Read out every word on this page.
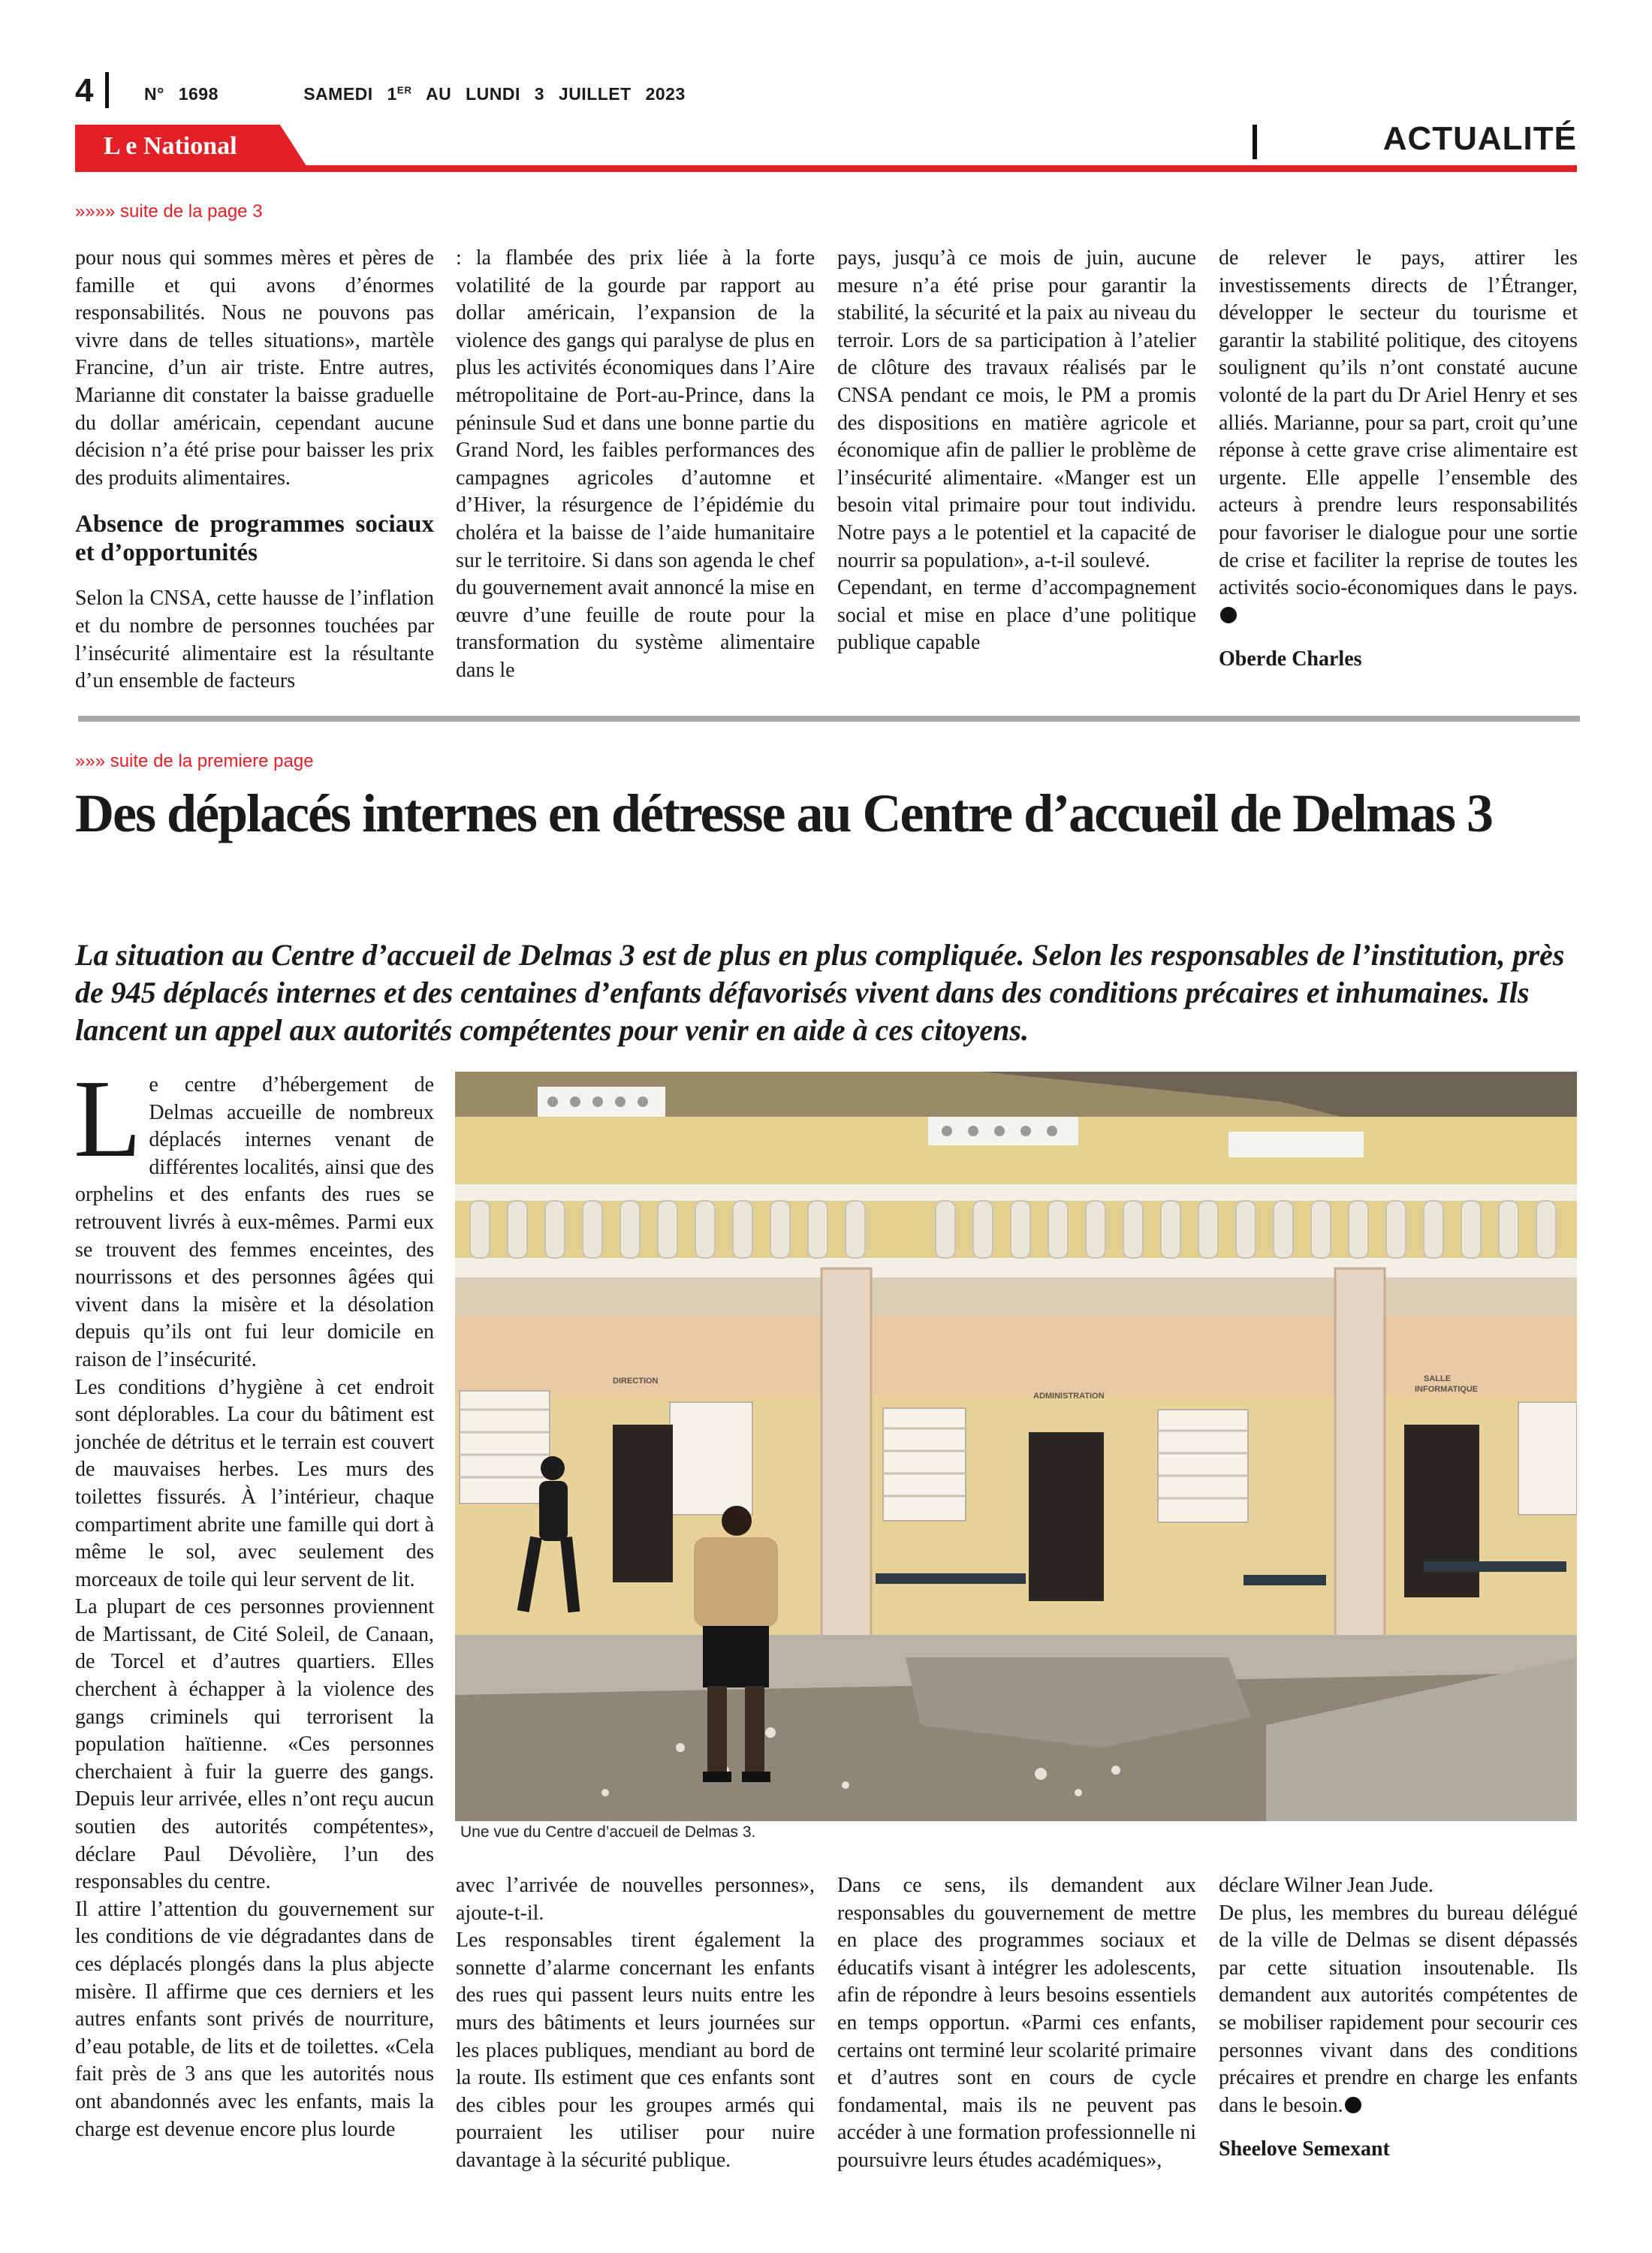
4	N° 1698	SAMEDI 1ER AU LUNDI 3 JUILLET 2023
L e National	ACTUALITÉ
»»»» suite de la page 3

pour nous qui sommes mères et pères de famille et qui avons d’énormes responsabilités. Nous ne pouvons pas vivre dans de telles situations», martèle Francine, d’un air triste. Entre autres, Marianne dit constater la baisse graduelle du dollar américain, cependant aucune décision n’a été prise pour baisser les prix des produits alimentaires.

Absence de programmes sociaux et d’opportunités

Selon la CNSA, cette hausse de l’inflation et du nombre de personnes touchées par l’insécurité alimentaire est la résultante d’un ensemble de facteurs

: la flambée des prix liée à la forte volatilité de la gourde par rapport au dollar américain, l’expansion de la violence des gangs qui paralyse de plus en plus les activités économiques dans l’Aire métropolitaine de Port-au-Prince, dans la péninsule Sud et dans une bonne partie du Grand Nord, les faibles performances des campagnes agricoles d’automne et d’Hiver, la résurgence de l’épidémie du choléra et la baisse de l’aide humanitaire sur le territoire. Si dans son agenda le chef du gouvernement avait annoncé la mise en œuvre d’une feuille de route pour la transformation du système alimentaire dans le

pays, jusqu’à ce mois de juin, aucune mesure n’a été prise pour garantir la stabilité, la sécurité et la paix au niveau du terroir. Lors de sa participation à l’atelier de clôture des travaux réalisés par le CNSA pendant ce mois, le PM a promis des dispositions en matière agricole et économique afin de pallier le problème de l’insécurité alimentaire. «Manger est un besoin vital primaire pour tout individu. Notre pays a le potentiel et la capacité de nourrir sa population», a-t-il soulevé.

Cependant, en terme d’accompagnement social et mise en place d’une politique publique capable

de relever le pays, attirer les investissements directs de l’Étranger, développer le secteur du tourisme et garantir la stabilité politique, des citoyens soulignent qu’ils n’ont constaté aucune volonté de la part du Dr Ariel Henry et ses alliés. Marianne, pour sa part, croit qu’une réponse à cette grave crise alimentaire est urgente. Elle appelle l’ensemble des acteurs à prendre leurs responsabilités pour favoriser le dialogue pour une sortie de crise et faciliter la reprise de toutes les activités socio-économiques dans le pays.

Oberde Charles

»»» suite de la premiere page
Des déplacés internes en détresse au Centre d’accueil de Delmas 3

La situation au Centre d’accueil de Delmas 3 est de plus en plus compliquée. Selon les responsables de l’institution, près de 945 déplacés internes et des centaines d’enfants défavorisés vivent dans des conditions précaires et inhumaines. Ils lancent un appel aux autorités compétentes pour venir en aide à ces citoyens.

Le centre d’hébergement de Delmas accueille de nombreux déplacés internes venant de différentes localités, ainsi que des orphelins et des enfants des rues se retrouvent livrés à eux-mêmes. Parmi eux se trouvent des femmes enceintes, des nourrissons et des personnes âgées qui vivent dans la misère et la désolation depuis qu’ils ont fui leur domicile en raison de l’insécurité.

Les conditions d’hygiène à cet endroit sont déplorables. La cour du bâtiment est jonchée de détritus et le terrain est couvert de mauvaises herbes. Les murs des toilettes fissurés. À l’intérieur, chaque compartiment abrite une famille qui dort à même le sol, avec seulement des morceaux de toile qui leur servent de lit.

La plupart de ces personnes proviennent de Martissant, de Cité Soleil, de Canaan, de Torcel et d’autres quartiers. Elles cherchent à échapper à la violence des gangs criminels qui terrorisent la population haïtienne. «Ces personnes cherchaient à fuir la guerre des gangs. Depuis leur arrivée, elles n’ont reçu aucun soutien des autorités compétentes», déclare Paul Dévolière, l’un des responsables du centre.

Il attire l’attention du gouvernement sur les conditions de vie dégradantes dans de ces déplacés plongés dans la plus abjecte misère. Il affirme que ces derniers et les autres enfants sont privés de nourriture, d’eau potable, de lits et de toilettes. «Cela fait près de 3 ans que les autorités nous ont abandonnés avec les enfants, mais la charge est devenue encore plus lourde

DIRECTION
ADMINISTRATION
SALLE
INFORMATIQUE
Une vue du Centre d’accueil de Delmas 3.

avec l’arrivée de nouvelles personnes», ajoute-t-il.

Les responsables tirent également la sonnette d’alarme concernant les enfants des rues qui passent leurs nuits entre les murs des bâtiments et leurs journées sur les places publiques, mendiant au bord de la route. Ils estiment que ces enfants sont des cibles pour les groupes armés qui pourraient les utiliser pour nuire davantage à la sécurité publique.

Dans ce sens, ils demandent aux responsables du gouvernement de mettre en place des programmes sociaux et éducatifs visant à intégrer les adolescents, afin de répondre à leurs besoins essentiels en temps opportun. «Parmi ces enfants, certains ont terminé leur scolarité primaire et d’autres sont en cours de cycle fondamental, mais ils ne peuvent pas accéder à une formation professionnelle ni poursuivre leurs études académiques»,

déclare Wilner Jean Jude.

De plus, les membres du bureau délégué de la ville de Delmas se disent dépassés par cette situation insoutenable. Ils demandent aux autorités compétentes de se mobiliser rapidement pour secourir ces personnes vivant dans des conditions précaires et prendre en charge les enfants dans le besoin.

Sheelove Semexant
